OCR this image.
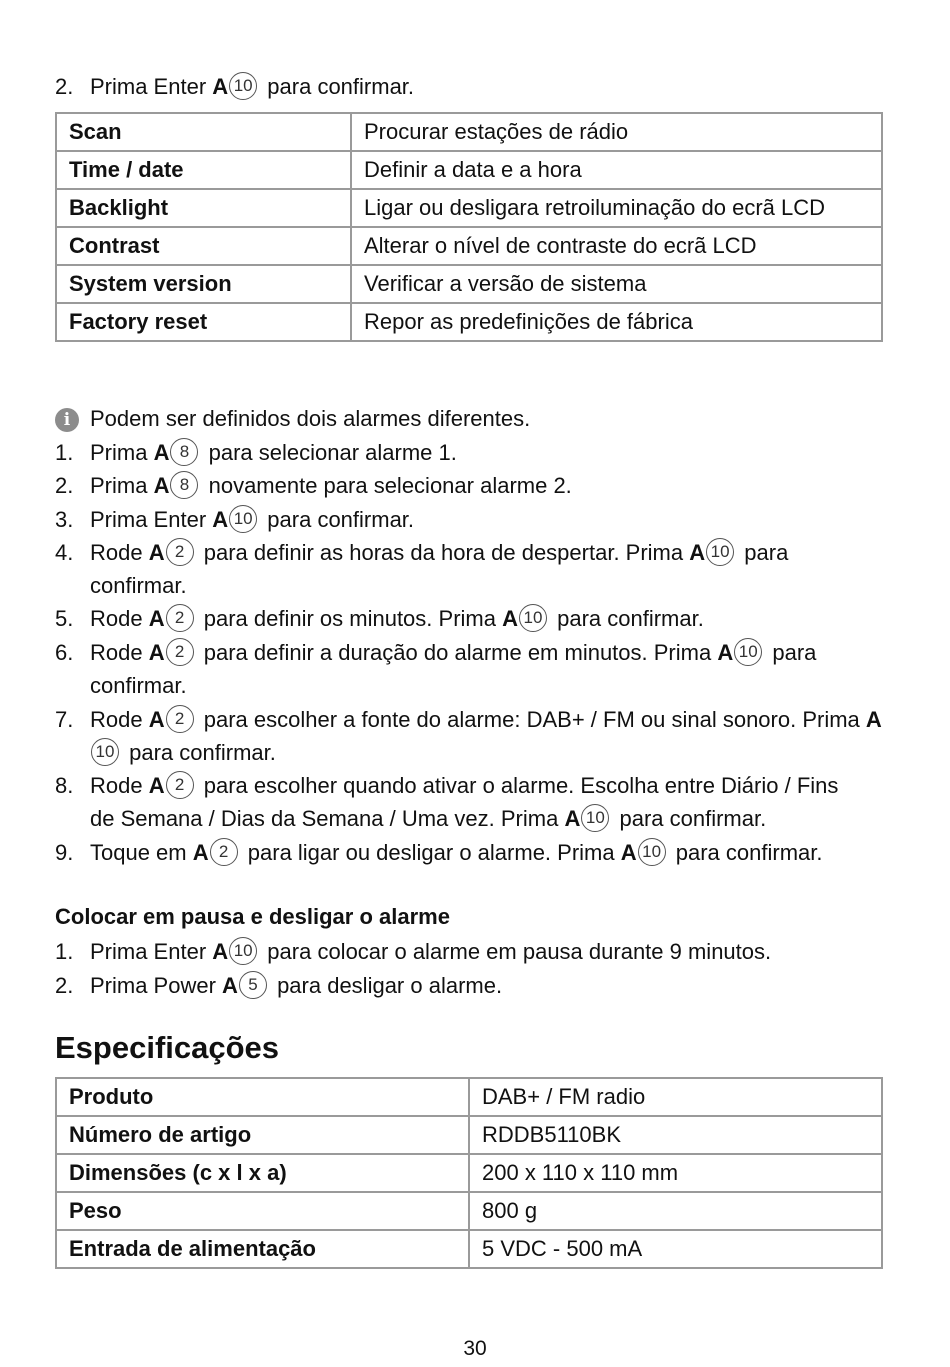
2. Prima Enter A 10 para confirmar.
Scan	Procurar estações de rádio
Time / date	Definir a data e a hora
Backlight	Ligar ou desligara retroiluminação do ecrã LCD
Contrast	Alterar o nível de contraste do ecrã LCD
System version	Verificar a versão de sistema
Factory reset	Repor as predefinições de fábrica
i Podem ser definidos dois alarmes diferentes.
1. Prima A 8 para selecionar alarme 1.
2. Prima A 8 novamente para selecionar alarme 2.
3. Prima Enter A 10 para confirmar.
4. Rode A 2 para definir as horas da hora de despertar. Prima A 10 para
confirmar.
5. Rode A 2 para definir os minutos. Prima A 10 para confirmar.
6. Rode A 2 para definir a duração do alarme em minutos. Prima A 10 para
confirmar.
7. Rode A 2 para escolher a fonte do alarme: DAB+ / FM ou sinal sonoro. Prima A10 para confirmar.
8. Rode A 2 para escolher quando ativar o alarme. Escolha entre Diário / Fins
de Semana / Dias da Semana / Uma vez. Prima A 10 para confirmar.
9. Toque em A 2 para ligar ou desligar o alarme. Prima A 10 para confirmar.
Colocar em pausa e desligar o alarme
1. Prima Enter A 10 para colocar o alarme em pausa durante 9 minutos.
2. Prima Power A 5 para desligar o alarme.
Especificações
Produto	DAB+ / FM radio
Número de artigo	RDDB5110BK
Dimensões (c x l x a)	200 x 110 x 110 mm
Peso	800 g
Entrada de alimentação	5 VDC - 500 mA
30
